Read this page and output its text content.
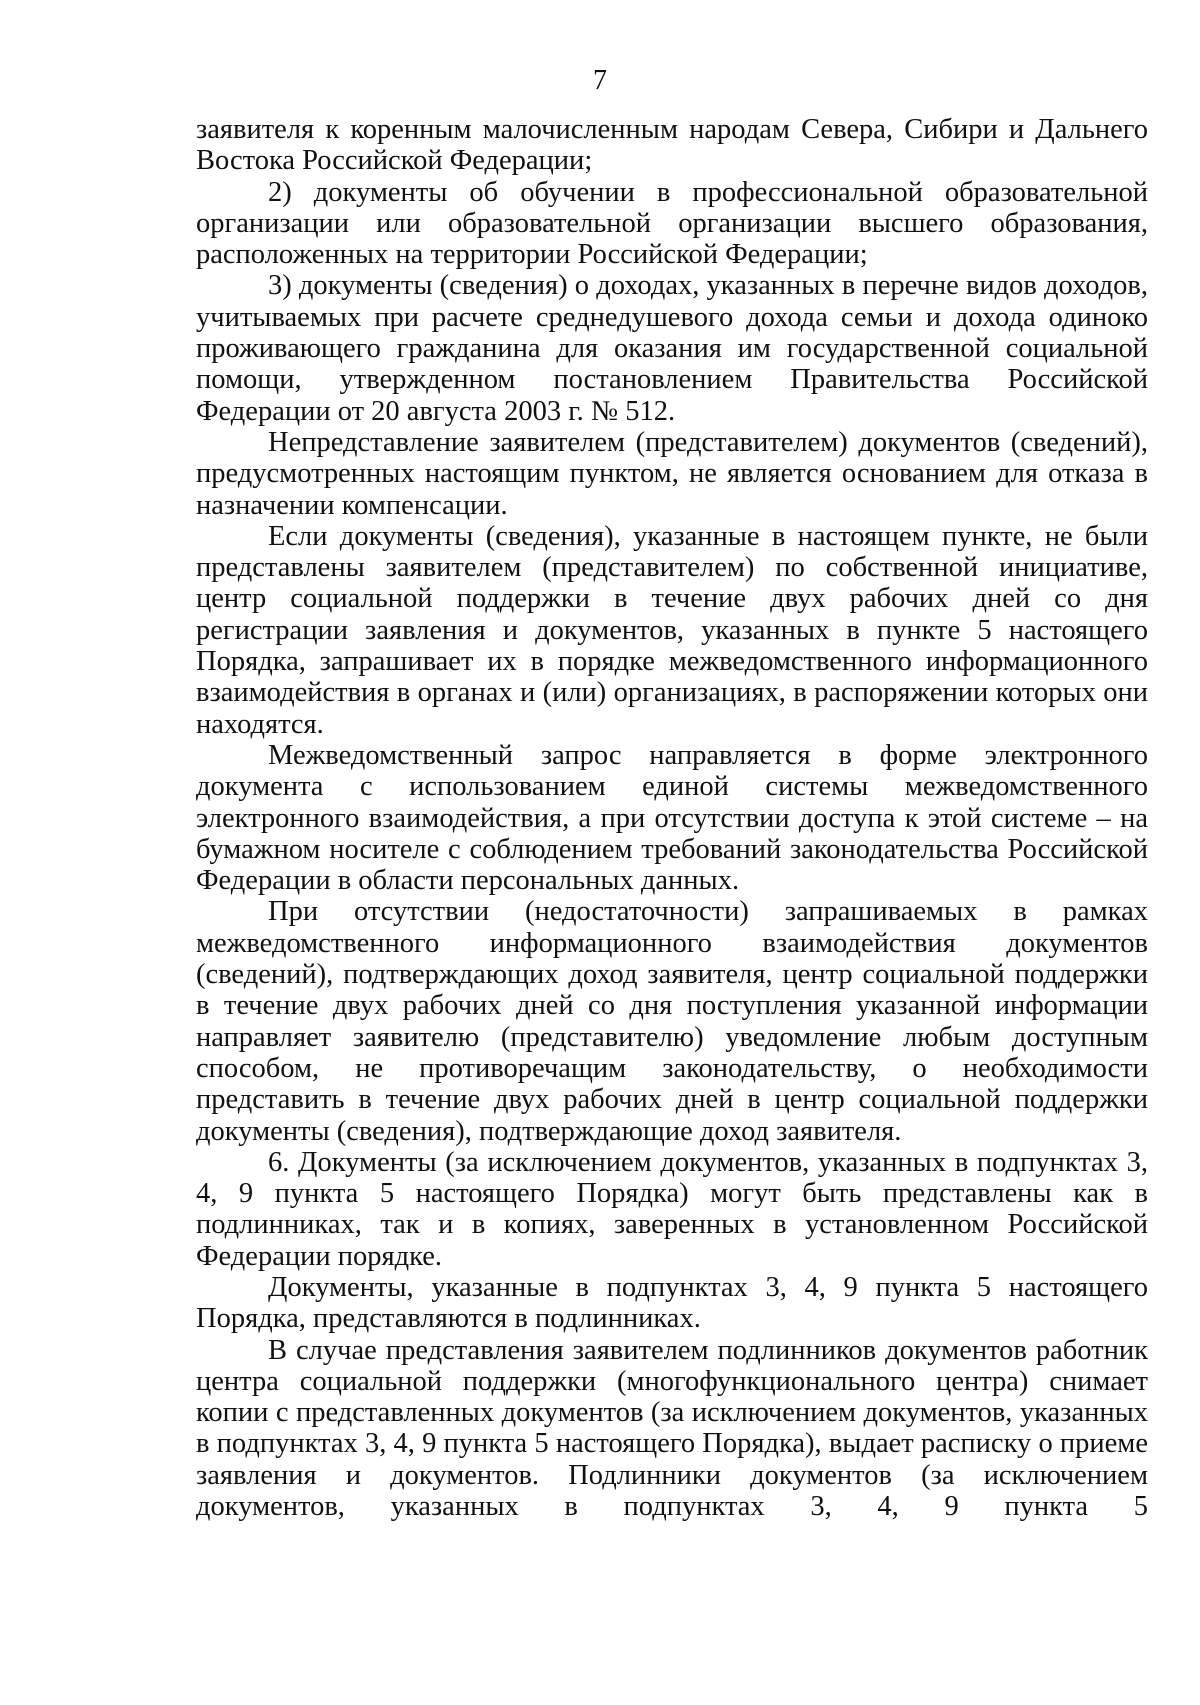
7

заявителя к коренным малочисленным народам Севера, Сибири и Дальнего Востока Российской Федерации;

2) документы об обучении в профессиональной образовательной организации или образовательной организации высшего образования, расположенных на территории Российской Федерации;

3) документы (сведения) о доходах, указанных в перечне видов доходов, учитываемых при расчете среднедушевого дохода семьи и дохода одиноко проживающего гражданина для оказания им государственной социальной помощи, утвержденном постановлением Правительства Российской Федерации от 20 августа 2003 г. № 512.

Непредставление заявителем (представителем) документов (сведений), предусмотренных настоящим пунктом, не является основанием для отказа в назначении компенсации.

Если документы (сведения), указанные в настоящем пункте, не были представлены заявителем (представителем) по собственной инициативе, центр социальной поддержки в течение двух рабочих дней со дня регистрации заявления и документов, указанных в пункте 5 настоящего Порядка, запрашивает их в порядке межведомственного информационного взаимодействия в органах и (или) организациях, в распоряжении которых они находятся.

Межведомственный запрос направляется в форме электронного документа с использованием единой системы межведомственного электронного взаимодействия, а при отсутствии доступа к этой системе – на бумажном носителе с соблюдением требований законодательства Российской Федерации в области персональных данных.

При отсутствии (недостаточности) запрашиваемых в рамках межведомственного информационного взаимодействия документов (сведений), подтверждающих доход заявителя, центр социальной поддержки в течение двух рабочих дней со дня поступления указанной информации направляет заявителю (представителю) уведомление любым доступным способом, не противоречащим законодательству, о необходимости представить в течение двух рабочих дней в центр социальной поддержки документы (сведения), подтверждающие доход заявителя.

6. Документы (за исключением документов, указанных в подпунктах 3, 4, 9 пункта 5 настоящего Порядка) могут быть представлены как в подлинниках, так и в копиях, заверенных в установленном Российской Федерации порядке.

Документы, указанные в подпунктах 3, 4, 9 пункта 5 настоящего Порядка, представляются в подлинниках.

В случае представления заявителем подлинников документов работник центра социальной поддержки (многофункционального центра) снимает копии с представленных документов (за исключением документов, указанных в подпунктах 3, 4, 9 пункта 5 настоящего Порядка), выдает расписку о приеме заявления и документов. Подлинники документов (за исключением документов, указанных в подпунктах 3, 4, 9 пункта 5
